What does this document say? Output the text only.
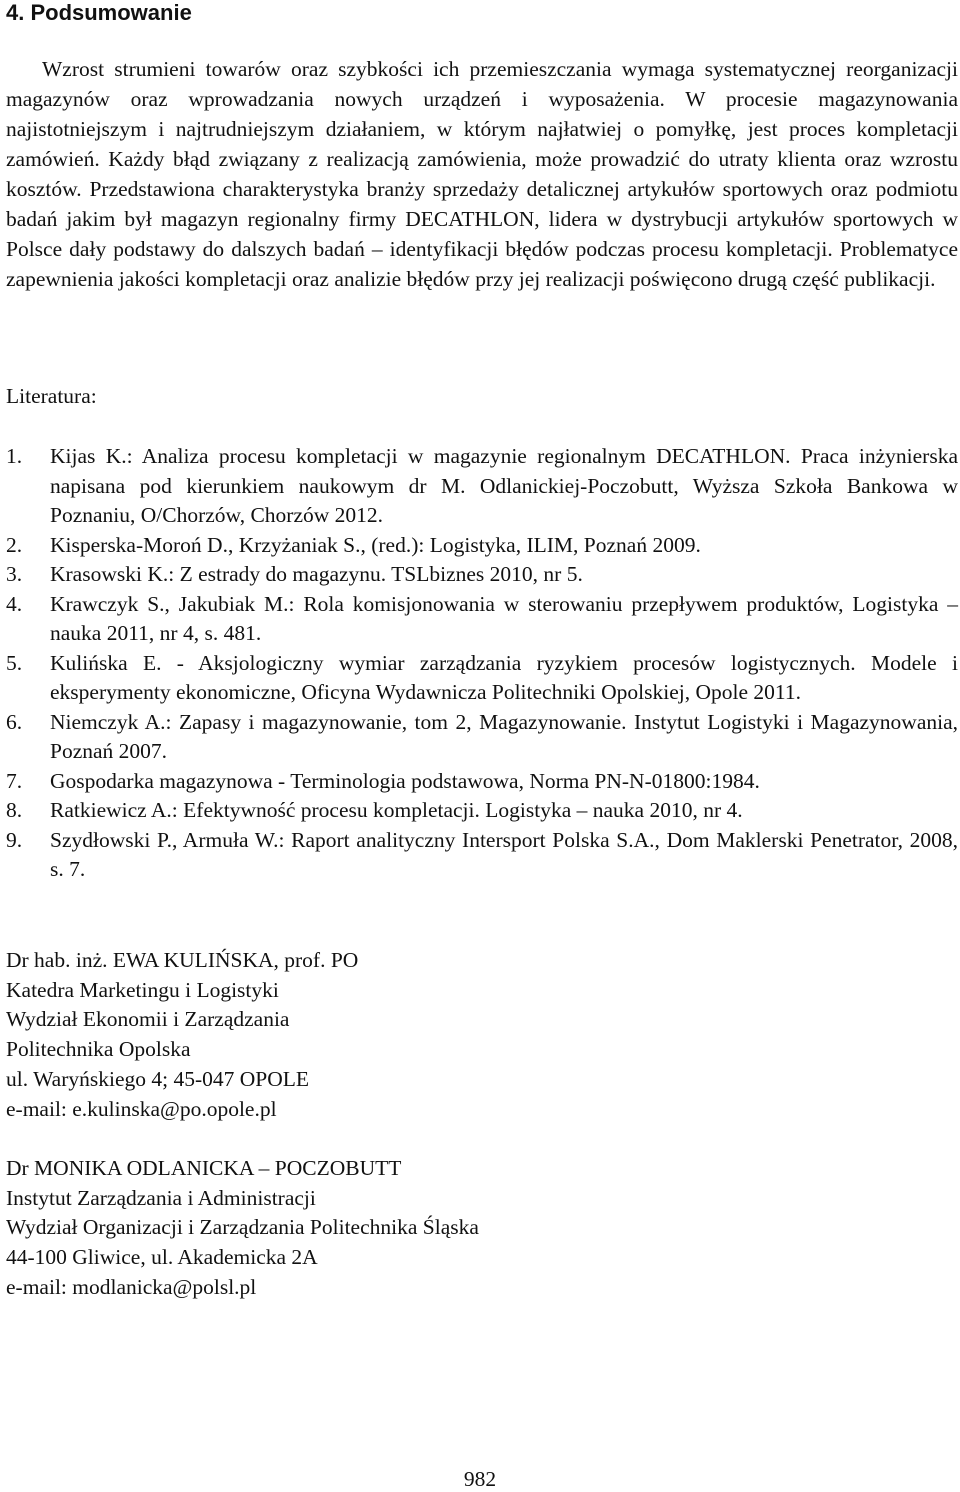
4. Podsumowanie

Wzrost strumieni towarów oraz szybkości ich przemieszczania wymaga systematycznej reorganizacji magazynów oraz wprowadzania nowych urządzeń i wyposażenia. W procesie magazynowania najistotniejszym i najtrudniejszym działaniem, w którym najłatwiej o pomyłkę, jest proces kompletacji zamówień. Każdy błąd związany z realizacją zamówienia, może prowadzić do utraty klienta oraz wzrostu kosztów. Przedstawiona charakterystyka branży sprzedaży detalicznej artykułów sportowych oraz podmiotu badań jakim był magazyn regionalny firmy DECATHLON, lidera w dystrybucji artykułów sportowych w Polsce dały podstawy do dalszych badań – identyfikacji błędów podczas procesu kompletacji. Problematyce zapewnienia jakości kompletacji oraz analizie błędów przy jej realizacji poświęcono drugą część publikacji.

Literatura:
1. Kijas K.: Analiza procesu kompletacji w magazynie regionalnym DECATHLON. Praca inżynierska napisana pod kierunkiem naukowym dr M. Odlanickiej-Poczobutt, Wyższa Szkoła Bankowa w Poznaniu, O/Chorzów, Chorzów 2012.
2. Kisperska-Moroń D., Krzyżaniak S., (red.): Logistyka, ILIM, Poznań 2009.
3. Krasowski K.: Z estrady do magazynu. TSLbiznes 2010, nr 5.
4. Krawczyk S., Jakubiak M.: Rola komisjonowania w sterowaniu przepływem produktów, Logistyka – nauka 2011, nr 4, s. 481.
5. Kulińska E. - Aksjologiczny wymiar zarządzania ryzykiem procesów logistycznych. Modele i eksperymenty ekonomiczne, Oficyna Wydawnicza Politechniki Opolskiej, Opole 2011.
6. Niemczyk A.: Zapasy i magazynowanie, tom 2, Magazynowanie. Instytut Logistyki i Magazynowania, Poznań 2007.
7. Gospodarka magazynowa - Terminologia podstawowa, Norma PN-N-01800:1984.
8. Ratkiewicz A.: Efektywność procesu kompletacji. Logistyka – nauka 2010, nr 4.
9. Szydłowski P., Armuła W.: Raport analityczny Intersport Polska S.A., Dom Maklerski Penetrator, 2008, s. 7.
Dr hab. inż. EWA KULIŃSKA, prof. PO
Katedra Marketingu i Logistyki
Wydział Ekonomii i Zarządzania
Politechnika Opolska
ul. Waryńskiego 4; 45-047 OPOLE
e-mail: e.kulinska@po.opole.pl
Dr MONIKA ODLANICKA – POCZOBUTT
Instytut Zarządzania i Administracji
Wydział Organizacji i Zarządzania Politechnika Śląska
44-100 Gliwice, ul. Akademicka 2A
e-mail: modlanicka@polsl.pl
982
